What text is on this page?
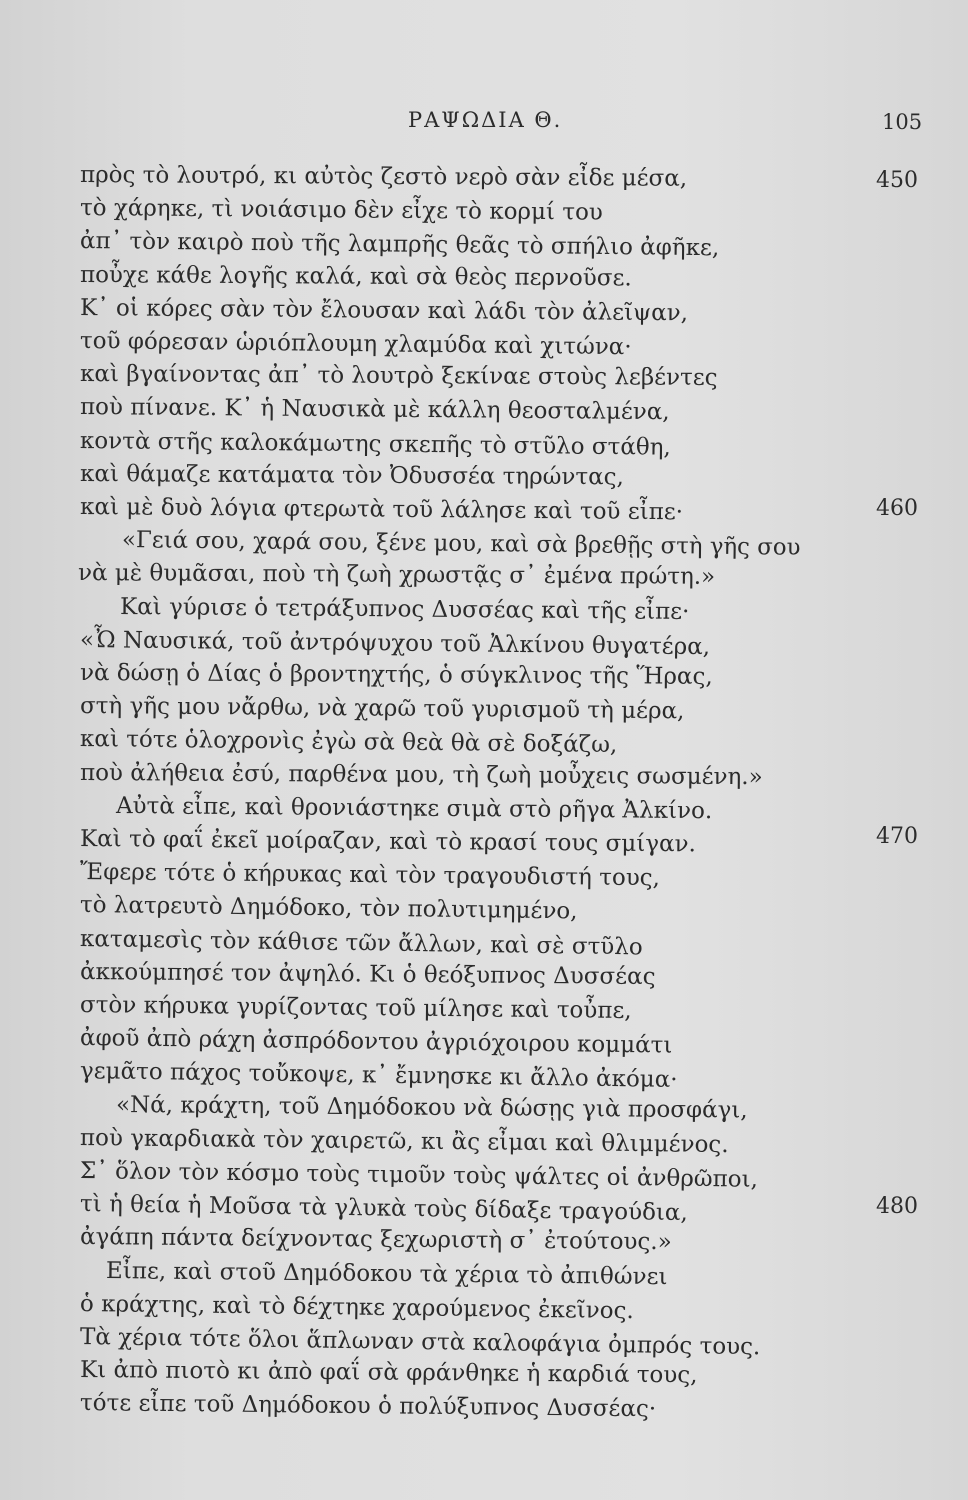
ΡΑΨΩΔΙΑ Θ.	105
πρὸς τὸ λουτρό, κι αὐτὸς ζεστὸ νερὸ σὰν εἶδε μέσα,
τὸ χάρηκε, τὶ νοιάσιμο δὲν εἶχε τὸ κορμί του
ἀπ᾽ τὸν καιρὸ ποὺ τῆς λαμπρῆς θεᾶς τὸ σπήλιο ἀφῆκε,
ποὖχε κάθε λογῆς καλά, καὶ σὰ θεὸς περνοῦσε.
Κ᾽ οἱ κόρες σὰν τὸν ἔλουσαν καὶ λάδι τὸν ἀλεῖψαν,
τοῦ φόρεσαν ὡριόπλουμη χλαμύδα καὶ χιτώνα·
καὶ βγαίνοντας ἀπ᾽ τὸ λουτρὸ ξεκίναε στοὺς λεβέντες
ποὺ πίνανε. Κ᾽ ἡ Ναυσικὰ μὲ κάλλη θεοσταλμένα,
κοντὰ στῆς καλοκάμωτης σκεπῆς τὸ στῦλο στάθη,
καὶ θάμαζε κατάματα τὸν Ὀδυσσέα τηρώντας,
καὶ μὲ δυὸ λόγια φτερωτὰ τοῦ λάλησε καὶ τοῦ εἶπε·
«Γειά σου, χαρά σου, ξένε μου, καὶ σὰ βρεθῇς στὴ γῆς σου
νὰ μὲ θυμᾶσαι, ποὺ τὴ ζωὴ χρωστᾷς σ᾽ ἐμένα πρώτη.»
Καὶ γύρισε ὁ τετράξυπνος Δυσσέας καὶ τῆς εἶπε·
«Ὦ Ναυσικά, τοῦ ἀντρόψυχου τοῦ Ἀλκίνου θυγατέρα,
νὰ δώσῃ ὁ Δίας ὁ βροντηχτής, ὁ σύγκλινος τῆς Ἥρας,
στὴ γῆς μου νἄρθω, νὰ χαρῶ τοῦ γυρισμοῦ τὴ μέρα,
καὶ τότε ὁλοχρονὶς ἐγὼ σὰ θεὰ θὰ σὲ δοξάζω,
ποὺ ἀλήθεια ἐσύ, παρθένα μου, τὴ ζωὴ μοὖχεις σωσμένη.»
Αὐτὰ εἶπε, καὶ θρονιάστηκε σιμὰ στὸ ρῆγα Ἀλκίνο.
Καὶ τὸ φαΐ ἐκεῖ μοίραζαν, καὶ τὸ κρασί τους σμίγαν.
Ἔφερε τότε ὁ κήρυκας καὶ τὸν τραγουδιστή τους,
τὸ λατρευτὸ Δημόδοκο, τὸν πολυτιμημένο,
καταμεσὶς τὸν κάθισε τῶν ἄλλων, καὶ σὲ στῦλο
ἀκκούμπησέ τον ἀψηλό. Κι ὁ θεόξυπνος Δυσσέας
στὸν κήρυκα γυρίζοντας τοῦ μίλησε καὶ τοὖπε,
ἀφοῦ ἀπὸ ράχη ἀσπρόδοντου ἀγριόχοιρου κομμάτι
γεμᾶτο πάχος τοὔκοψε, κ᾽ ἔμνησκε κι ἄλλο ἀκόμα·
«Νά, κράχτη, τοῦ Δημόδοκου νὰ δώσῃς γιὰ προσφάγι,
ποὺ γκαρδιακὰ τὸν χαιρετῶ, κι ἂς εἶμαι καὶ θλιμμένος.
Σ᾽ ὅλον τὸν κόσμο τοὺς τιμοῦν τοὺς ψάλτες οἱ ἀνθρῶποι,
τὶ ἡ θεία ἡ Μοῦσα τὰ γλυκὰ τοὺς δίδαξε τραγούδια,
ἀγάπη πάντα δείχνοντας ξεχωριστὴ σ᾽ ἐτούτους.»
Εἶπε, καὶ στοῦ Δημόδοκου τὰ χέρια τὸ ἀπιθώνει
ὁ κράχτης, καὶ τὸ δέχτηκε χαρούμενος ἐκεῖνος.
Τὰ χέρια τότε ὅλοι ἅπλωναν στὰ καλοφάγια ὀμπρός τους.
Κι ἀπὸ πιοτὸ κι ἀπὸ φαΐ σὰ φράνθηκε ἡ καρδιά τους,
τότε εἶπε τοῦ Δημόδοκου ὁ πολύξυπνος Δυσσέας·
450
460
470
480
